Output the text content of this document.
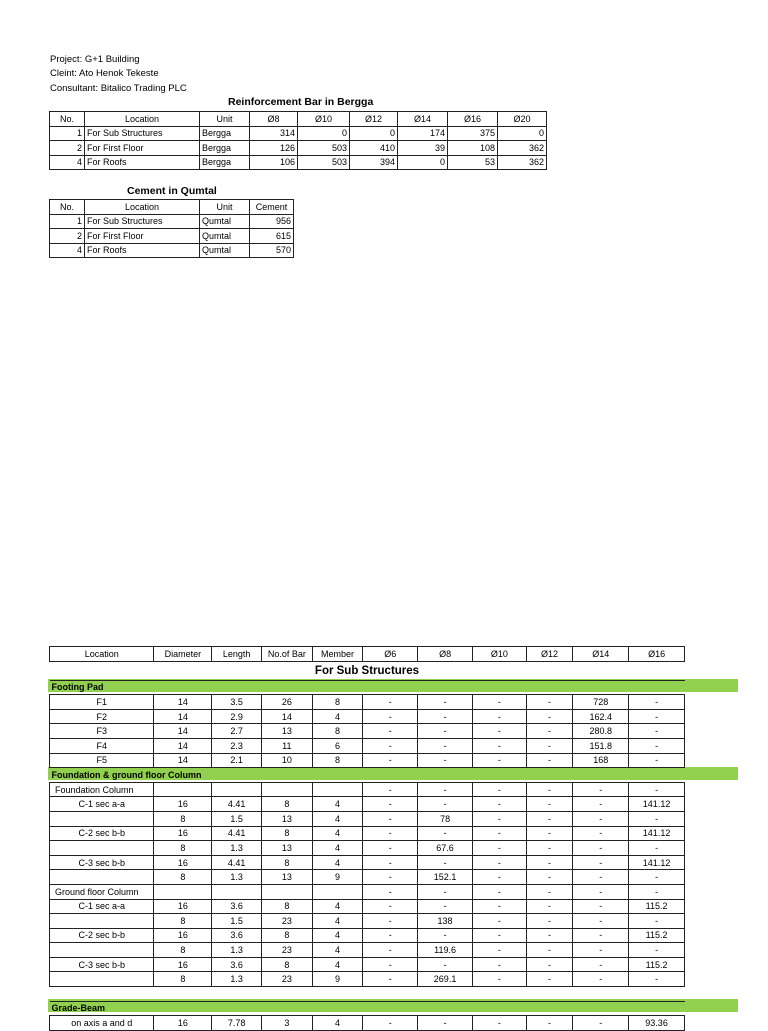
Project: G+1 Building
Cleint: Ato Henok Tekeste
Consultant: Bitalico Trading PLC
Reinforcement Bar in Bergga
No.	Location	Unit	Ø8	Ø10	Ø12	Ø14	Ø16	Ø20
1	For Sub Structures	Bergga	314	0	0	174	375	0
2	For First Floor	Bergga	126	503	410	39	108	362
4	For Roofs	Bergga	106	503	394	0	53	362
Cement in Qumtal
No.	Location	Unit	Cement
1	For Sub Structures	Qumtal	956
2	For First Floor	Qumtal	615
4	For Roofs	Qumtal	570
Location	Diameter	Length	No.of Bar	Member	Ø6	Ø8	Ø10	Ø12	Ø14	Ø16
For Sub Structures										
Footing Pad										
F1	14	3.5	26	8	-	-	-	-	728	-
F2	14	2.9	14	4	-	-	-	-	162.4	-
F3	14	2.7	13	8	-	-	-	-	280.8	-
F4	14	2.3	11	6	-	-	-	-	151.8	-
F5	14	2.1	10	8	-	-	-	-	168	-
Foundation & ground floor Column										
Foundation Column					-	-	-	-	-	-
C-1 sec a-a	16	4.41	8	4	-	-	-	-	-	141.12
	8	1.5	13	4	-	78	-	-	-	-
C-2 sec b-b	16	4.41	8	4	-	-	-	-	-	141.12
	8	1.3	13	4	-	67.6	-	-	-	-
C-3 sec b-b	16	4.41	8	4	-	-	-	-	-	141.12
	8	1.3	13	9	-	152.1	-	-	-	-
Ground floor Column					-	-	-	-	-	-
C-1 sec a-a	16	3.6	8	4	-	-	-	-	-	115.2
	8	1.5	23	4	-	138	-	-	-	-
C-2 sec b-b	16	3.6	8	4	-	-	-	-	-	115.2
	8	1.3	23	4	-	119.6	-	-	-	-
C-3 sec b-b	16	3.6	8	4	-	-	-	-	-	115.2
	8	1.3	23	9	-	269.1	-	-	-	-

Grade-Beam										
on axis a and d	16	7.78	3	4	-	-	-	-	-	93.36
